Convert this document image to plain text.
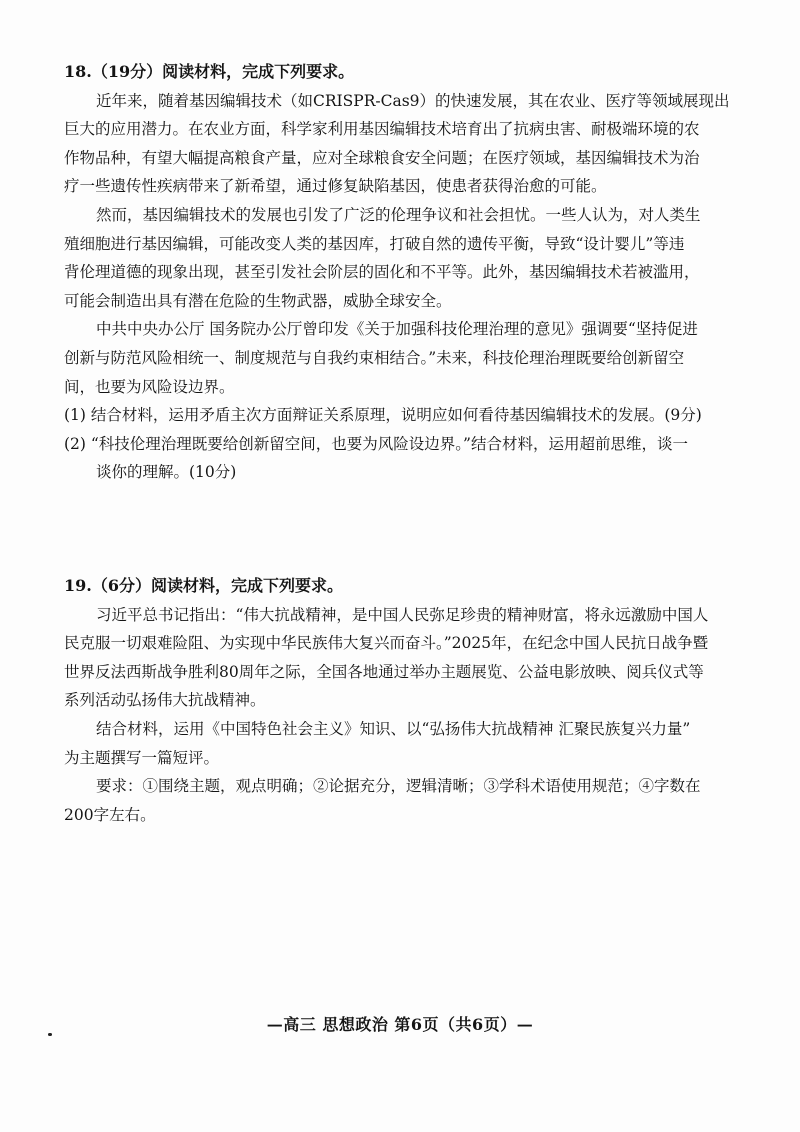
18.（19分）阅读材料，完成下列要求。
近年来，随着基因编辑技术（如CRISPR-Cas9）的快速发展，其在农业、医疗等领域展现出
巨大的应用潜力。在农业方面，科学家利用基因编辑技术培育出了抗病虫害、耐极端环境的农
作物品种，有望大幅提高粮食产量，应对全球粮食安全问题；在医疗领域，基因编辑技术为治
疗一些遗传性疾病带来了新希望，通过修复缺陷基因，使患者获得治愈的可能。
然而，基因编辑技术的发展也引发了广泛的伦理争议和社会担忧。一些人认为，对人类生
殖细胞进行基因编辑，可能改变人类的基因库，打破自然的遗传平衡，导致“设计婴儿”等违
背伦理道德的现象出现，甚至引发社会阶层的固化和不平等。此外，基因编辑技术若被滥用，
可能会制造出具有潜在危险的生物武器，威胁全球安全。
中共中央办公厅 国务院办公厅曾印发《关于加强科技伦理治理的意见》强调要“坚持促进
创新与防范风险相统一、制度规范与自我约束相结合。”未来，科技伦理治理既要给创新留空
间，也要为风险设边界。
(1) 结合材料，运用矛盾主次方面辩证关系原理，说明应如何看待基因编辑技术的发展。(9分)
(2) “科技伦理治理既要给创新留空间，也要为风险设边界。”结合材料，运用超前思维，谈一
谈你的理解。(10分)
19.（6分）阅读材料，完成下列要求。
习近平总书记指出：“伟大抗战精神，是中国人民弥足珍贵的精神财富，将永远激励中国人
民克服一切艰难险阻、为实现中华民族伟大复兴而奋斗。”2025年，在纪念中国人民抗日战争暨
世界反法西斯战争胜利80周年之际，全国各地通过举办主题展览、公益电影放映、阅兵仪式等
系列活动弘扬伟大抗战精神。
结合材料，运用《中国特色社会主义》知识、以“弘扬伟大抗战精神 汇聚民族复兴力量”
为主题撰写一篇短评。
要求：①围绕主题，观点明确；②论据充分，逻辑清晰；③学科术语使用规范；④字数在
200字左右。
—高三 思想政治 第6页（共6页）—
